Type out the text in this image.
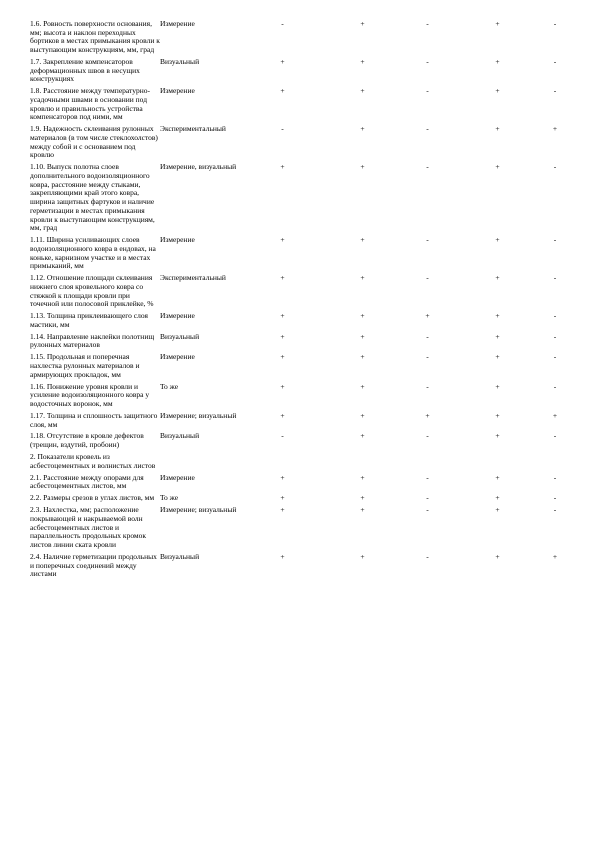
1.6. Ровность поверхности основания, мм; высота и наклон переходных бортиков в местах примыкания кровли к выступающим конструкциям, мм, град	Измерение	-	+	-	+	-
1.7. Закрепление компенсаторов деформационных швов в несущих конструкциях	Визуальный	+	+	-	+	-
1.8. Расстояние между температурно-усадочными швами в основании под кровлю и правильность устройства компенсаторов под ними, мм	Измерение	+	+	-	+	-
1.9. Надежность склеивания рулонных материалов (в том числе стеклохолстов) между собой и с основанием под кровлю	Экспериментальный	-	+	-	+	+
1.10. Выпуск полотна слоев дополнительного водоизоляционного ковра, расстояние между стыками, закрепляющими край этого ковра, ширина защитных фартуков и наличие герметизации в местах примыкания кровли к выступающим конструкциям, мм, град	Измерение, визуальный	+	+	-	+	-
1.11. Ширина усиливающих слоев водоизоляционного ковра в ендовах, на коньке, карнизном участке и в местах примыканий, мм	Измерение	+	+	-	+	-
1.12. Отношение площади склеивания нижнего слоя кровельного ковра со стяжкой к площади кровли при точечной или полосовой приклейке, %	Экспериментальный	+	+	-	+	-
1.13. Толщина приклеивающего слоя мастики, мм	Измерение	+	+	+	+	-
1.14. Направление наклейки полотнищ рулонных материалов	Визуальный	+	+	-	+	-
1.15. Продольная и поперечная нахлестка рулонных материалов и армирующих прокладок, мм	Измерение	+	+	-	+	-
1.16. Понижение уровня кровли и усиление водоизоляционного ковра у водосточных воронок, мм	То же	+	+	-	+	-
1.17. Толщина и сплошность защитного слоя, мм	Измерение; визуальный	+	+	+	+	+
1.18. Отсутствие в кровле дефектов (трещин, вздутий, пробоин)	Визуальный	-	+	-	+	-
2. Показатели кровель из асбестоцементных и волнистых листов						
2.1. Расстояние между опорами для асбестоцементных листов, мм	Измерение	+	+	-	+	-
2.2. Размеры срезов в углах листов, мм	То же	+	+	-	+	-
2.3. Нахлестка, мм; расположение покрывающей и накрываемой волн асбестоцементных листов и параллельность продольных кромок листов линии ската кровли	Измерение; визуальный	+	+	-	+	-
2.4. Наличие герметизации продольных и поперечных соединений между листами	Визуальный	+	+	-	+	+
